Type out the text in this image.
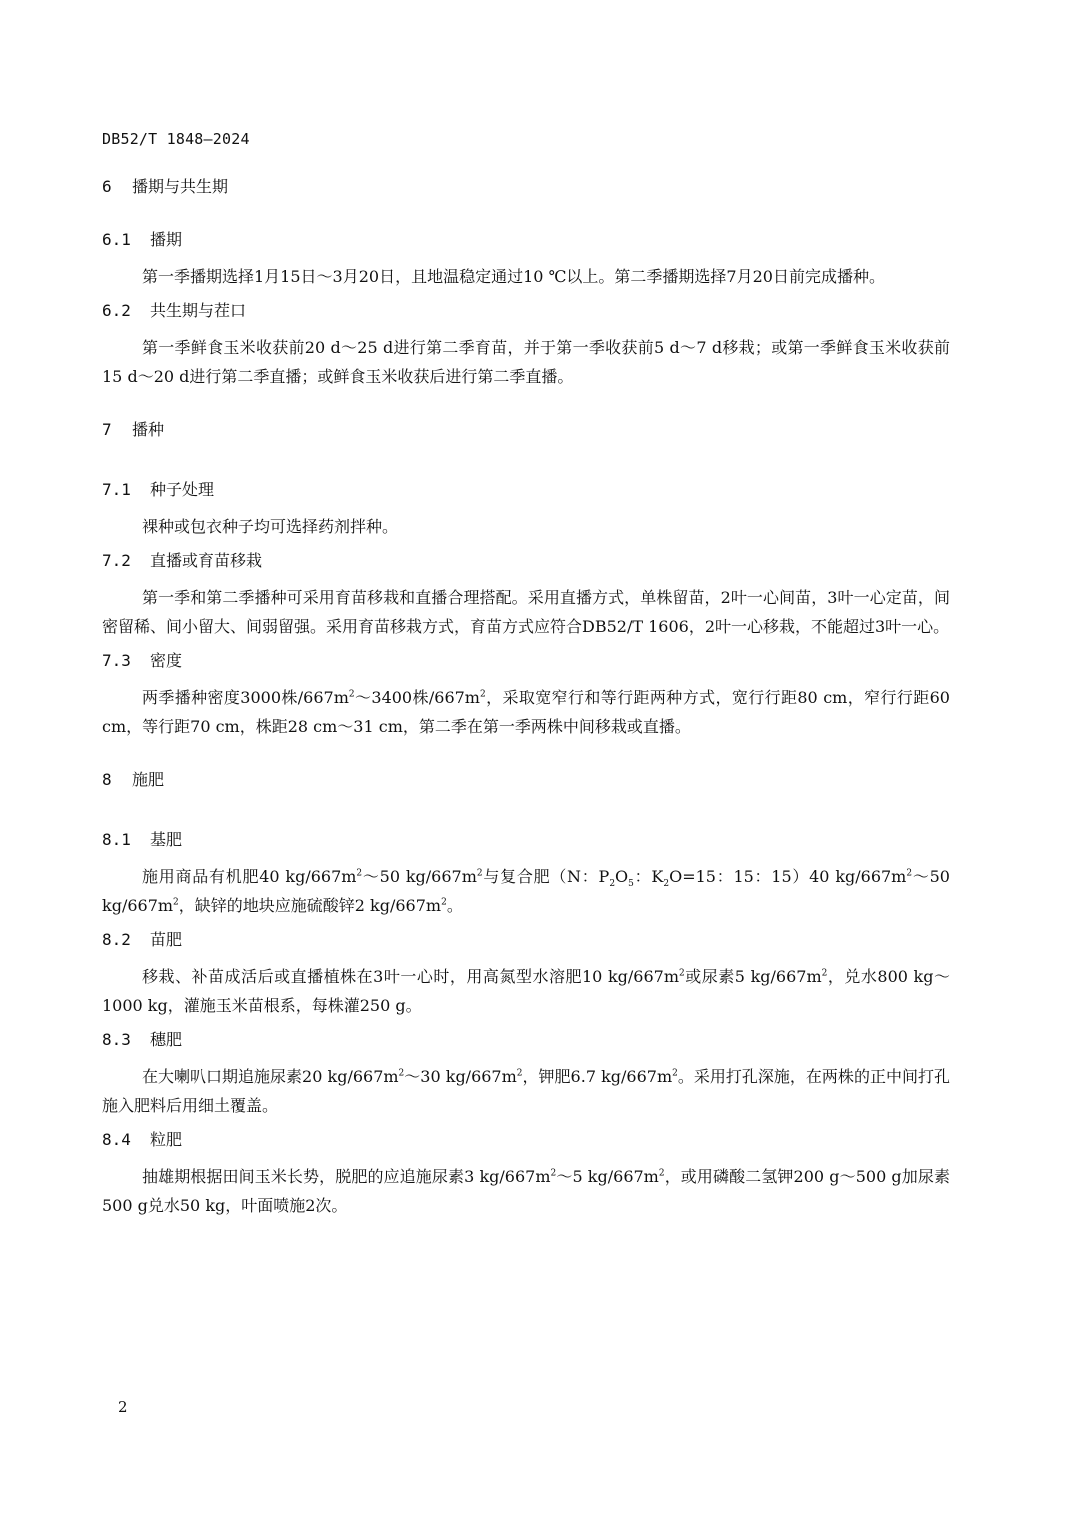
DB52/T 1848—2024

6 播期与共生期

6.1 播期

第一季播期选择1月15日～3月20日，且地温稳定通过10 ℃以上。第二季播期选择7月20日前完成播种。

6.2 共生期与茬口

第一季鲜食玉米收获前20 d～25 d进行第二季育苗，并于第一季收获前5 d～7 d移栽；或第一季鲜食玉米收获前15 d～20 d进行第二季直播；或鲜食玉米收获后进行第二季直播。

7 播种

7.1 种子处理

裸种或包衣种子均可选择药剂拌种。

7.2 直播或育苗移栽

第一季和第二季播种可采用育苗移栽和直播合理搭配。采用直播方式，单株留苗，2叶一心间苗，3叶一心定苗，间密留稀、间小留大、间弱留强。采用育苗移栽方式，育苗方式应符合DB52/T 1606，2叶一心移栽，不能超过3叶一心。

7.3 密度

两季播种密度3000株$/667m^2\sim 3400$株$/667m^2$，采取宽窄行和等行距两种方式，宽行行距80 cm，窄行行距60 cm，等行距70 cm，株距28 cm～31 cm，第二季在第一季两株中间移栽或直播。

8 施肥

8.1 基肥

施用商品有机肥40 $kg/667m^2\sim 50$ $kg/667m^2$与复合肥（N：$P_2O_5$：$K_2O=15$：15：15）40 $kg/667m^2\sim 50$ $kg/667m^2$，缺锌的地块应施硫酸锌2 $kg/667m^2$。

8.2 苗肥

移栽、补苗成活后或直播植株在3叶一心时，用高氮型水溶肥10 $kg/667m^2$或尿素5 $kg/667m^2$，兑水800 kg～1000 kg，灌施玉米苗根系，每株灌250 g。

8.3 穗肥

在大喇叭口期追施尿素20 $kg/667m^2\sim 30$ $kg/667m^2$，钾肥6.7 $kg/667m^2$。采用打孔深施，在两株的正中间打孔施入肥料后用细土覆盖。

8.4 粒肥

抽雄期根据田间玉米长势，脱肥的应追施尿素3 $kg/667m^2\sim 5$ $kg/667m^2$，或用磷酸二氢钾200 g～500 g加尿素500 g兑水50 kg，叶面喷施2次。

2
